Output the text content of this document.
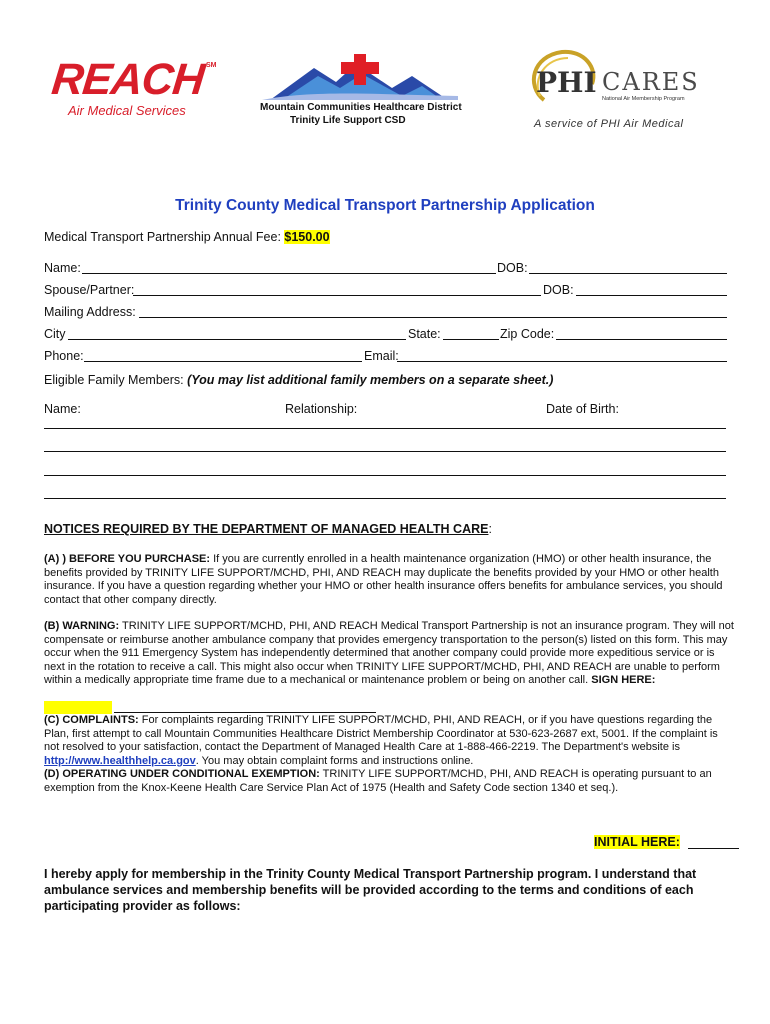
REACH SM
Air Medical Services	Mountain Communities Healthcare District
Trinity Life Support CSD
PHI CARES
National Air Membership Program
A service of PHI Air Medical
Trinity County Medical Transport Partnership Application
Medical Transport Partnership Annual Fee: $150.00
Name:	DOB:
Spouse/Partner:	DOB:
Mailing Address:
City	State:	Zip Code:
Phone:	Email:
Eligible Family Members: (You may list additional family members on a separate sheet.)
Name:	Relationship:	Date of Birth:
NOTICES REQUIRED BY THE DEPARTMENT OF MANAGED HEALTH CARE:
(A) ) BEFORE YOU PURCHASE: If you are currently enrolled in a health maintenance organization (HMO) or other health insurance, the benefits provided by TRINITY LIFE SUPPORT/MCHD, PHI, AND REACH may duplicate the benefits provided by your HMO or other health insurance. If you have a question regarding whether your HMO or other health insurance offers benefits for ambulance services, you should contact that other company directly.
(B) WARNING: TRINITY LIFE SUPPORT/MCHD, PHI, AND REACH Medical Transport Partnership is not an insurance program. They will not compensate or reimburse another ambulance company that provides emergency transportation to the person(s) listed on this form. This may occur when the 911 Emergency System has independently determined that another company could provide more expeditious service or is next in the rotation to receive a call. This might also occur when TRINITY LIFE SUPPORT/MCHD, PHI, AND REACH are unable to perform within a medically appropriate time frame due to a mechanical or maintenance problem or being on another call. SIGN HERE:
(C) COMPLAINTS: For complaints regarding TRINITY LIFE SUPPORT/MCHD, PHI, AND REACH, or if you have questions regarding the Plan, first attempt to call Mountain Communities Healthcare District Membership Coordinator at 530-623-2687 ext, 5001. If the complaint is not resolved to your satisfaction, contact the Department of Managed Health Care at 1-888-466-2219. The Department's website is http://www.healthhelp.ca.gov. You may obtain complaint forms and instructions online.
(D) OPERATING UNDER CONDITIONAL EXEMPTION: TRINITY LIFE SUPPORT/MCHD, PHI, AND REACH is operating pursuant to an exemption from the Knox-Keene Health Care Service Plan Act of 1975 (Health and Safety Code section 1340 et seq.).
INITIAL HERE:
I hereby apply for membership in the Trinity County Medical Transport Partnership program. I understand that ambulance services and membership benefits will be provided according to the terms and conditions of each participating provider as follows:
